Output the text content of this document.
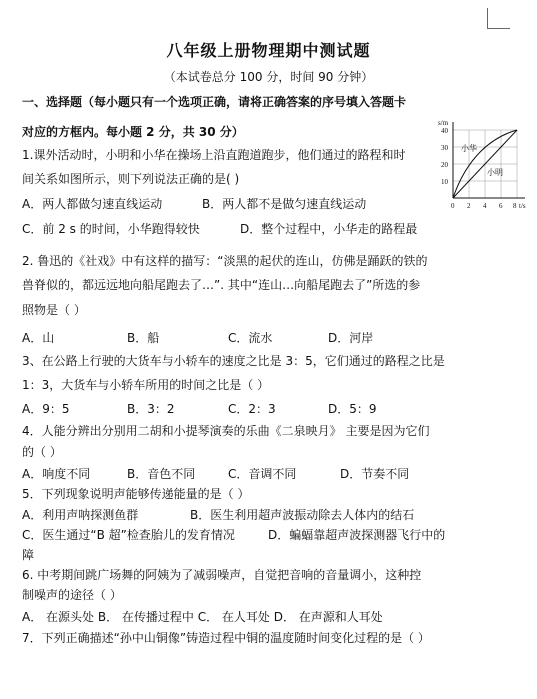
八年级上册物理期中测试题
（本试卷总分 100 分，时间 90 分钟）
一、选择题（每小题只有一个选项正确，请将正确答案的序号填入答题卡
对应的方框内。每小题 2 分，共 30 分）
1.课外活动时，小明和小华在操场上沿直跑道跑步，他们通过的路程和时
间关系如图所示，则下列说法正确的是( )
A．两人都做匀速直线运动	B．两人都不是做匀速直线运动
C．前 2 s 的时间，小华跑得较快	D．整个过程中，小华走的路程最
s/m
40
30
20
10
0 2 4 6 8 t/s
小华
小明
2. 鲁迅的《社戏》中有这样的描写：“淡黑的起伏的连山，仿佛是踊跃的铁的
兽脊似的，都远远地向船尾跑去了…”. 其中“连山…向船尾跑去了”所选的参
照物是（ ）
A．山	B．船	C．流水	D．河岸
3、在公路上行驶的大货车与小轿车的速度之比是 3：5，它们通过的路程之比是
1：3，大货车与小轿车所用的时间之比是（ ）
A．9：5	B．3：2	C．2：3	D．5：9
4．人能分辨出分别用二胡和小提琴演奏的乐曲《二泉映月》 主要是因为它们
的（ ）
A．响度不同	B．音色不同	C．音调不同	D．节奏不同
5．下列现象说明声能够传递能量的是（ ）
A．利用声呐探测鱼群	B．医生利用超声波振动除去人体内的结石
C．医生通过“B 超”检查胎儿的发育情况	D．蝙蝠靠超声波探测器飞行中的
障
6. 中考期间跳广场舞的阿姨为了减弱噪声，自觉把音响的音量调小，这种控
制噪声的途径（ ）
A． 在源头处 B． 在传播过程中 C． 在人耳处 D． 在声源和人耳处
7．下列正确描述“孙中山铜像”铸造过程中铜的温度随时间变化过程的是（ ）
